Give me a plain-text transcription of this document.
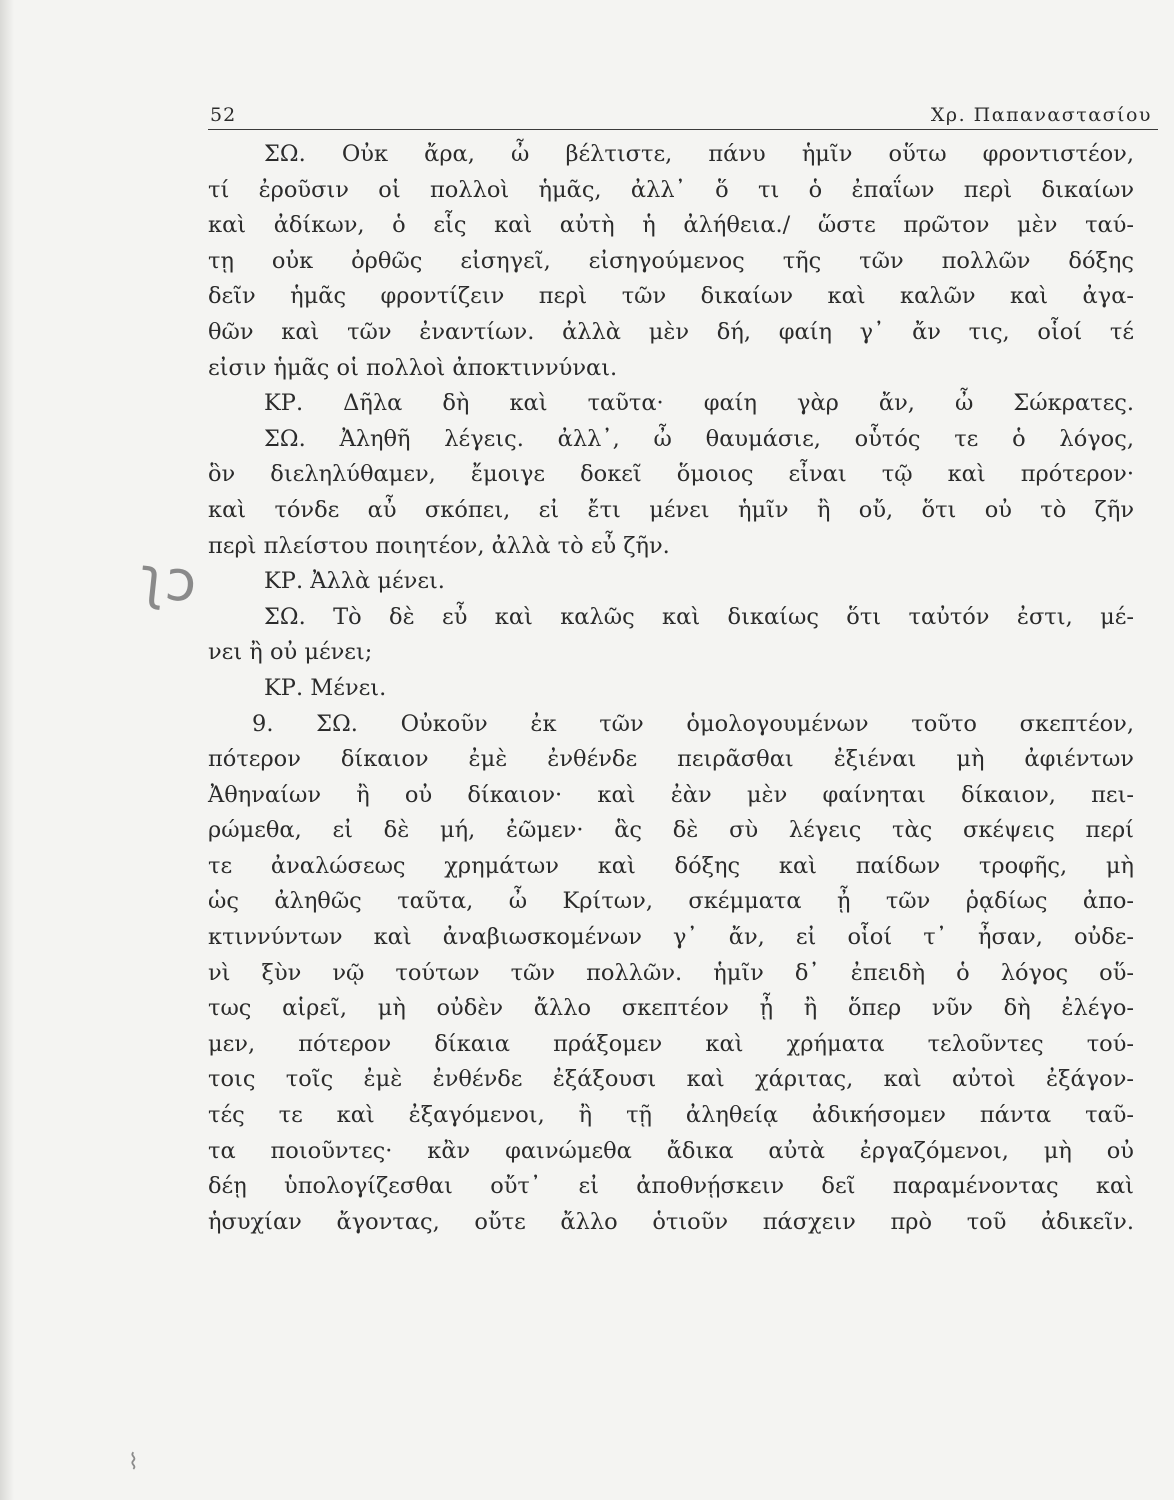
52	Χρ. Παπαναστασίου
ΣΩ. Οὐκ ἄρα, ὦ βέλτιστε, πάνυ ἡμῖν οὕτω φροντιστέον,
τί ἐροῦσιν οἱ πολλοὶ ἡμᾶς, ἀλλ᾽ ὅ τι ὁ ἐπαΐων περὶ δικαίων
καὶ ἀδίκων, ὁ εἷς καὶ αὐτὴ ἡ ἀλήθεια./ ὥστε πρῶτον μὲν ταύ-
τῃ οὐκ ὀρθῶς εἰσηγεῖ, εἰσηγούμενος τῆς τῶν πολλῶν δόξης
δεῖν ἡμᾶς φροντίζειν περὶ τῶν δικαίων καὶ καλῶν καὶ ἀγα-
θῶν καὶ τῶν ἐναντίων. ἀλλὰ μὲν δή, φαίη γ᾽ ἄν τις, οἷοί τέ
εἰσιν ἡμᾶς οἱ πολλοὶ ἀποκτιννύναι.
ΚΡ. Δῆλα δὴ καὶ ταῦτα· φαίη γὰρ ἄν, ὦ Σώκρατες.
ΣΩ. Ἀληθῆ λέγεις. ἀλλ᾽, ὦ θαυμάσιε, οὗτός τε ὁ λόγος,
ὃν διεληλύθαμεν, ἔμοιγε δοκεῖ ὅμοιος εἶναι τῷ καὶ πρότερον·
καὶ τόνδε αὖ σκόπει, εἰ ἔτι μένει ἡμῖν ἢ οὔ, ὅτι οὐ τὸ ζῆν
περὶ πλείστου ποιητέον, ἀλλὰ τὸ εὖ ζῆν.
ΚΡ. Ἀλλὰ μένει.
ΣΩ. Τὸ δὲ εὖ καὶ καλῶς καὶ δικαίως ὅτι ταὐτόν ἐστι, μέ-
νει ἢ οὐ μένει;
ΚΡ. Μένει.
9. ΣΩ. Οὐκοῦν ἐκ τῶν ὁμολογουμένων τοῦτο σκεπτέον,
πότερον δίκαιον ἐμὲ ἐνθένδε πειρᾶσθαι ἐξιέναι μὴ ἀφιέντων
Ἀθηναίων ἢ οὐ δίκαιον· καὶ ἐὰν μὲν φαίνηται δίκαιον, πει-
ρώμεθα, εἰ δὲ μή, ἐῶμεν· ἃς δὲ σὺ λέγεις τὰς σκέψεις περί
τε ἀναλώσεως χρημάτων καὶ δόξης καὶ παίδων τροφῆς, μὴ
ὡς ἀληθῶς ταῦτα, ὦ Κρίτων, σκέμματα ᾖ τῶν ῥᾳδίως ἀπο-
κτιννύντων καὶ ἀναβιωσκομένων γ᾽ ἄν, εἰ οἷοί τ᾽ ἦσαν, οὐδε-
νὶ ξὺν νῷ τούτων τῶν πολλῶν. ἡμῖν δ᾽ ἐπειδὴ ὁ λόγος οὕ-
τως αἱρεῖ, μὴ οὐδὲν ἄλλο σκεπτέον ᾖ ἢ ὅπερ νῦν δὴ ἐλέγο-
μεν, πότερον δίκαια πράξομεν καὶ χρήματα τελοῦντες τού-
τοις τοῖς ἐμὲ ἐνθένδε ἐξάξουσι καὶ χάριτας, καὶ αὐτοὶ ἐξάγον-
τές τε καὶ ἐξαγόμενοι, ἢ τῇ ἀληθείᾳ ἀδικήσομεν πάντα ταῦ-
τα ποιοῦντες· κἂν φαινώμεθα ἄδικα αὐτὰ ἐργαζόμενοι, μὴ οὐ
δέῃ ὑπολογίζεσθαι οὔτ᾽ εἰ ἀποθνῄσκειν δεῖ παραμένοντας καὶ
ἡσυχίαν ἄγοντας, οὔτε ἄλλο ὁτιοῦν πάσχειν πρὸ τοῦ ἀδικεῖν.
ʅↄ
⌇
